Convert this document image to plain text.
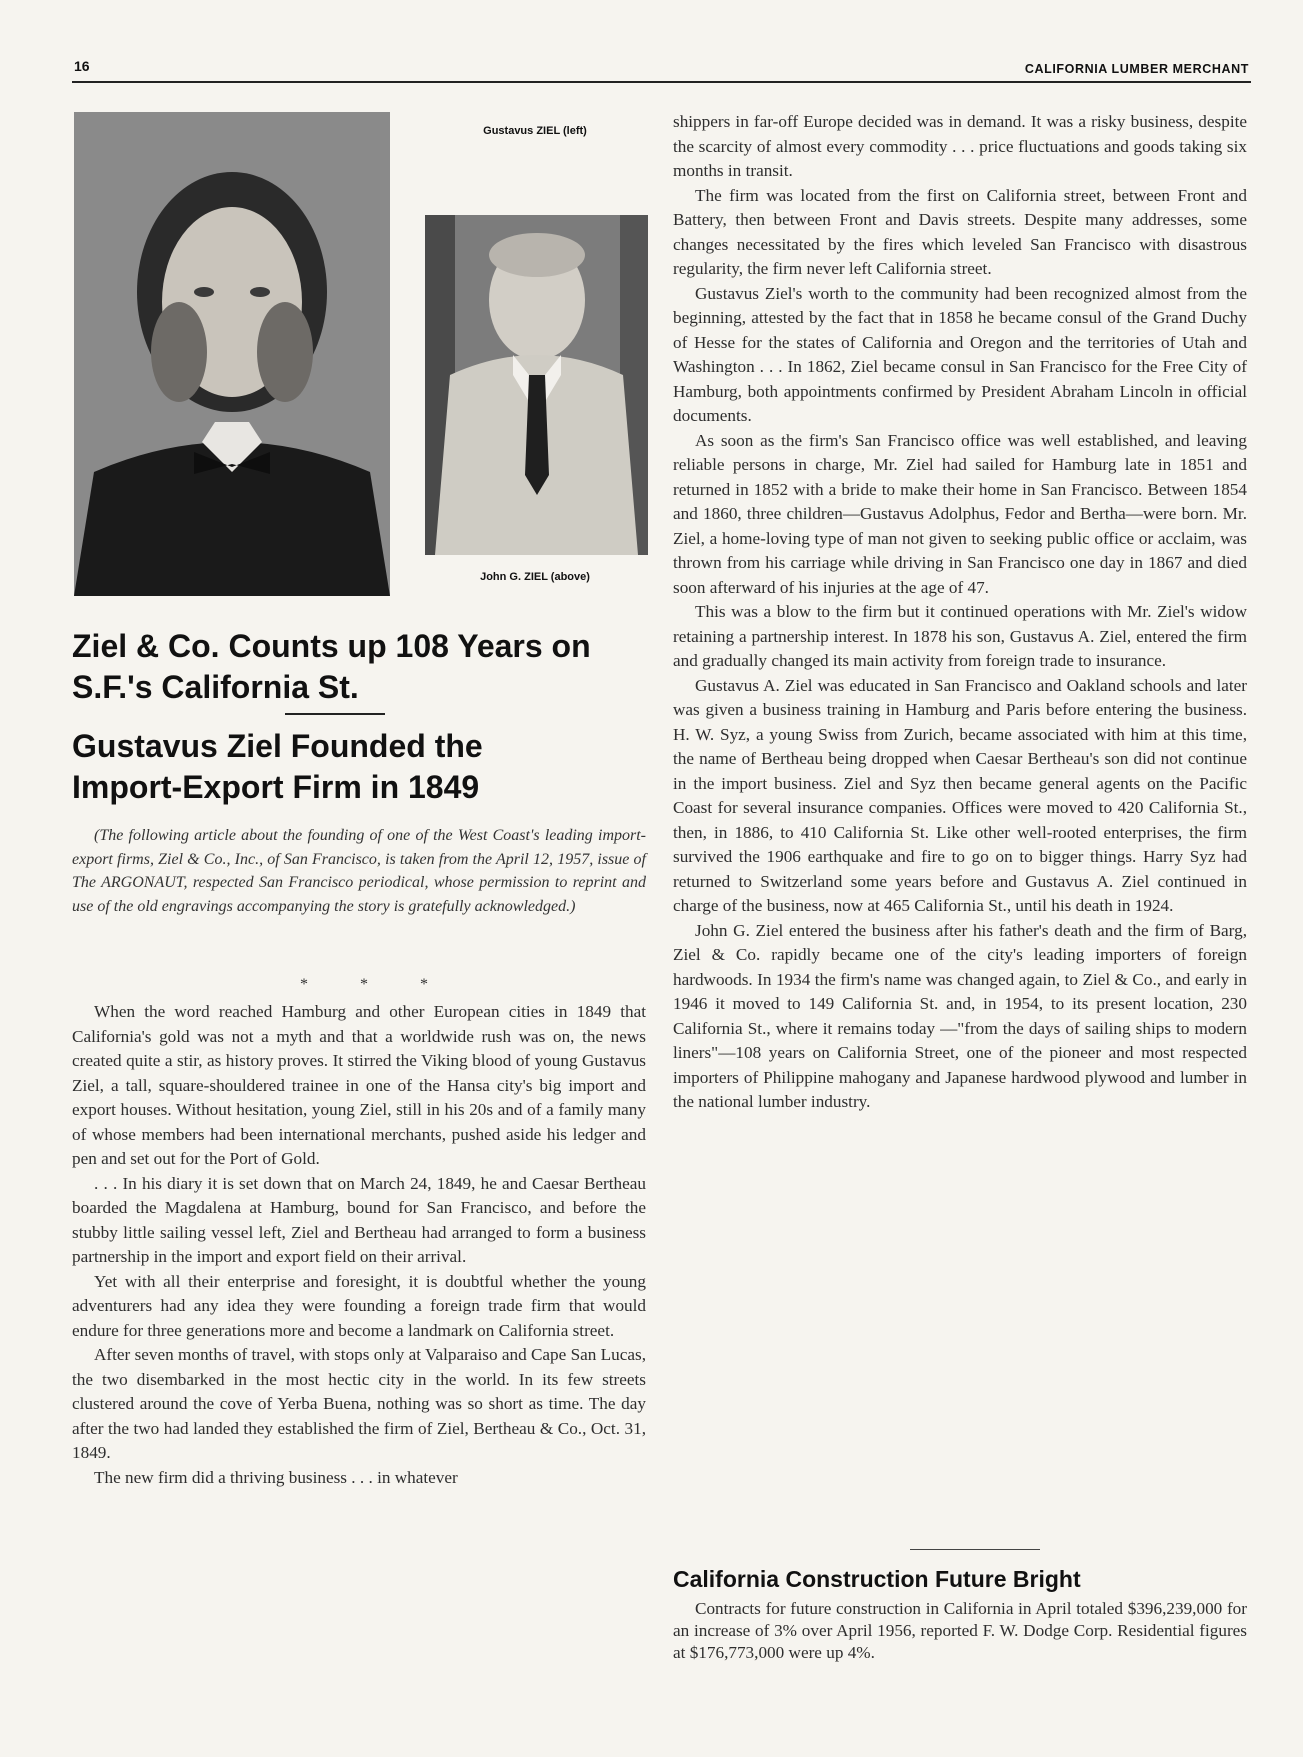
16	CALIFORNIA LUMBER MERCHANT
Gustavus ZIEL (left)
John G. ZIEL (above)
Ziel & Co. Counts up 108 Years on S.F.'s California St.
Gustavus Ziel Founded the Import-Export Firm in 1849
(The following article about the founding of one of the West Coast's leading import-export firms, Ziel & Co., Inc., of San Francisco, is taken from the April 12, 1957, issue of The ARGONAUT, respected San Francisco periodical, whose permission to reprint and use of the old engravings accompanying the story is gratefully acknowledged.)
* * *

When the word reached Hamburg and other European cities in 1849 that California's gold was not a myth and that a worldwide rush was on, the news created quite a stir, as history proves. It stirred the Viking blood of young Gustavus Ziel, a tall, square-shouldered trainee in one of the Hansa city's big import and export houses. Without hesitation, young Ziel, still in his 20s and of a family many of whose members had been international merchants, pushed aside his ledger and pen and set out for the Port of Gold.

. . . In his diary it is set down that on March 24, 1849, he and Caesar Bertheau boarded the Magdalena at Hamburg, bound for San Francisco, and before the stubby little sailing vessel left, Ziel and Bertheau had arranged to form a business partnership in the import and export field on their arrival.

Yet with all their enterprise and foresight, it is doubtful whether the young adventurers had any idea they were founding a foreign trade firm that would endure for three generations more and become a landmark on California street.

After seven months of travel, with stops only at Valparaiso and Cape San Lucas, the two disembarked in the most hectic city in the world. In its few streets clustered around the cove of Yerba Buena, nothing was so short as time. The day after the two had landed they established the firm of Ziel, Bertheau & Co., Oct. 31, 1849.

The new firm did a thriving business . . . in whatever

shippers in far-off Europe decided was in demand. It was a risky business, despite the scarcity of almost every commodity . . . price fluctuations and goods taking six months in transit.

The firm was located from the first on California street, between Front and Battery, then between Front and Davis streets. Despite many addresses, some changes necessitated by the fires which leveled San Francisco with disastrous regularity, the firm never left California street.

Gustavus Ziel's worth to the community had been recognized almost from the beginning, attested by the fact that in 1858 he became consul of the Grand Duchy of Hesse for the states of California and Oregon and the territories of Utah and Washington . . . In 1862, Ziel became consul in San Francisco for the Free City of Hamburg, both appointments confirmed by President Abraham Lincoln in official documents.

As soon as the firm's San Francisco office was well established, and leaving reliable persons in charge, Mr. Ziel had sailed for Hamburg late in 1851 and returned in 1852 with a bride to make their home in San Francisco. Between 1854 and 1860, three children—Gustavus Adolphus, Fedor and Bertha—were born. Mr. Ziel, a home-loving type of man not given to seeking public office or acclaim, was thrown from his carriage while driving in San Francisco one day in 1867 and died soon afterward of his injuries at the age of 47.

This was a blow to the firm but it continued operations with Mr. Ziel's widow retaining a partnership interest. In 1878 his son, Gustavus A. Ziel, entered the firm and gradually changed its main activity from foreign trade to insurance.

Gustavus A. Ziel was educated in San Francisco and Oakland schools and later was given a business training in Hamburg and Paris before entering the business. H. W. Syz, a young Swiss from Zurich, became associated with him at this time, the name of Bertheau being dropped when Caesar Bertheau's son did not continue in the import business. Ziel and Syz then became general agents on the Pacific Coast for several insurance companies. Offices were moved to 420 California St., then, in 1886, to 410 California St. Like other well-rooted enterprises, the firm survived the 1906 earthquake and fire to go on to bigger things. Harry Syz had returned to Switzerland some years before and Gustavus A. Ziel continued in charge of the business, now at 465 California St., until his death in 1924.

John G. Ziel entered the business after his father's death and the firm of Barg, Ziel & Co. rapidly became one of the city's leading importers of foreign hardwoods. In 1934 the firm's name was changed again, to Ziel & Co., and early in 1946 it moved to 149 California St. and, in 1954, to its present location, 230 California St., where it remains today —"from the days of sailing ships to modern liners"—108 years on California Street, one of the pioneer and most respected importers of Philippine mahogany and Japanese hardwood plywood and lumber in the national lumber industry.

California Construction Future Bright
Contracts for future construction in California in April totaled $396,239,000 for an increase of 3% over April 1956, reported F. W. Dodge Corp. Residential figures at $176,773,000 were up 4%.
